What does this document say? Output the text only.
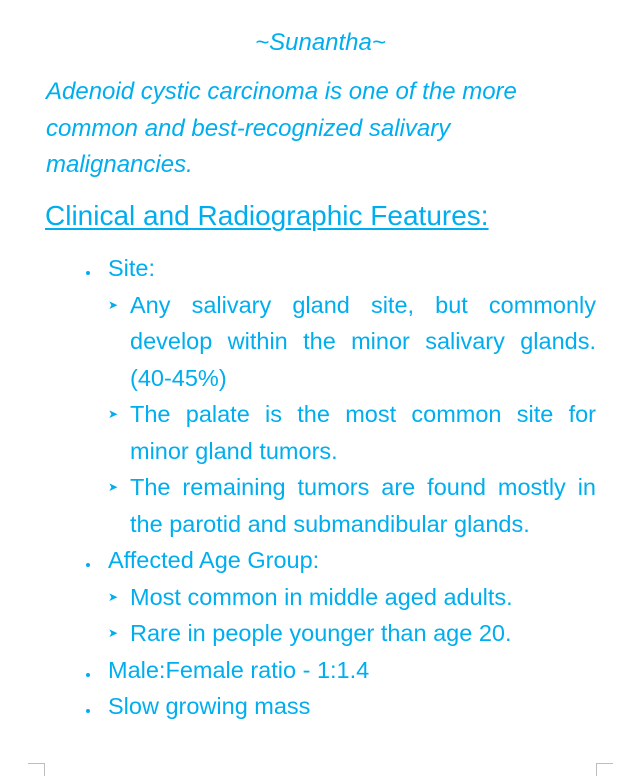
~Sunantha~
Adenoid cystic carcinoma is one of the more common and best-recognized salivary malignancies.
Clinical and Radiographic Features:
Site:
➤ Any salivary gland site, but commonly develop within the minor salivary glands. (40-45%)
➤ The palate is the most common site for minor gland tumors.
➤ The remaining tumors are found mostly in the parotid and submandibular glands.
Affected Age Group:
➤ Most common in middle aged adults.
➤ Rare in people younger than age 20.
Male:Female ratio - 1:1.4
Slow growing mass
